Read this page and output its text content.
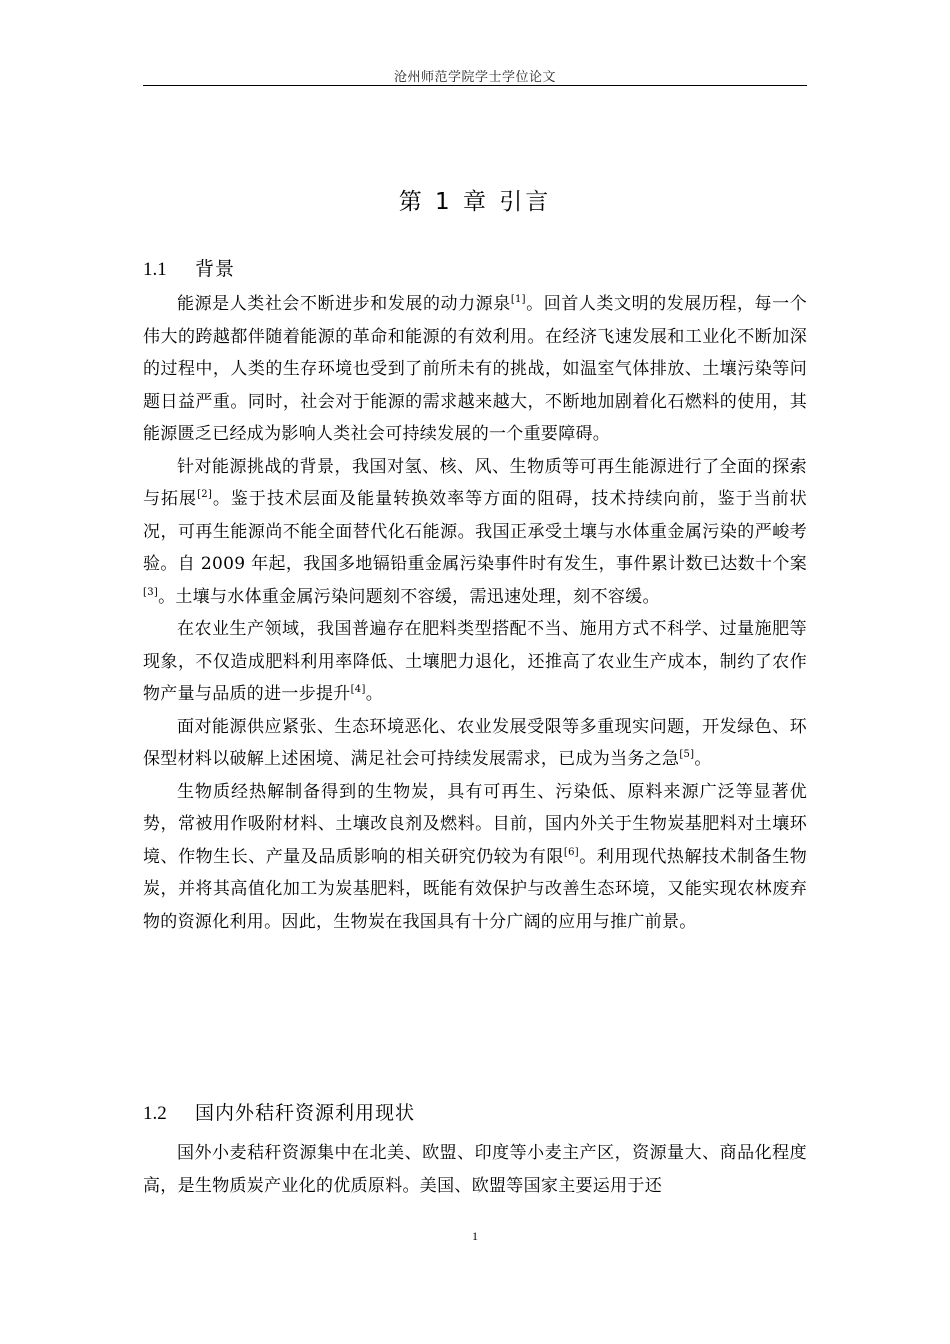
沧州师范学院学士学位论文
第 1 章 引言
1.1	背景

能源是人类社会不断进步和发展的动力源泉[1]。回首人类文明的发展历程，每一个伟大的跨越都伴随着能源的革命和能源的有效利用。在经济飞速发展和工业化不断加深的过程中，人类的生存环境也受到了前所未有的挑战，如温室气体排放、土壤污染等问题日益严重。同时，社会对于能源的需求越来越大，不断地加剧着化石燃料的使用，其能源匮乏已经成为影响人类社会可持续发展的一个重要障碍。

针对能源挑战的背景，我国对氢、核、风、生物质等可再生能源进行了全面的探索与拓展[2]。鉴于技术层面及能量转换效率等方面的阻碍，技术持续向前，鉴于当前状况，可再生能源尚不能全面替代化石能源。我国正承受土壤与水体重金属污染的严峻考验。自 2009 年起，我国多地镉铅重金属污染事件时有发生，事件累计数已达数十个案[3]。土壤与水体重金属污染问题刻不容缓，需迅速处理，刻不容缓。

在农业生产领域，我国普遍存在肥料类型搭配不当、施用方式不科学、过量施肥等现象，不仅造成肥料利用率降低、土壤肥力退化，还推高了农业生产成本，制约了农作物产量与品质的进一步提升[4]。

面对能源供应紧张、生态环境恶化、农业发展受限等多重现实问题，开发绿色、环保型材料以破解上述困境、满足社会可持续发展需求，已成为当务之急[5]。

生物质经热解制备得到的生物炭，具有可再生、污染低、原料来源广泛等显著优势，常被用作吸附材料、土壤改良剂及燃料。目前，国内外关于生物炭基肥料对土壤环境、作物生长、产量及品质影响的相关研究仍较为有限[6]。利用现代热解技术制备生物炭，并将其高值化加工为炭基肥料，既能有效保护与改善生态环境，又能实现农林废弃物的资源化利用。因此，生物炭在我国具有十分广阔的应用与推广前景。

1.2	国内外秸秆资源利用现状

国外小麦秸秆资源集中在北美、欧盟、印度等小麦主产区，资源量大、商品化程度高，是生物质炭产业化的优质原料。美国、欧盟等国家主要运用于还

1
